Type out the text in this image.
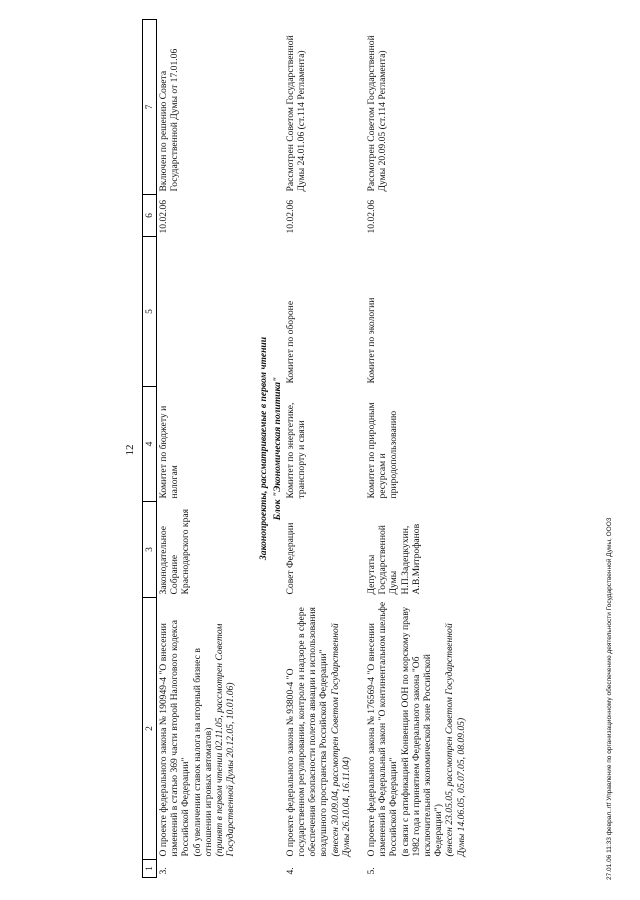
12
1	2	3	4	5	6	7
3.	О проекте федерального закона № 190949-4 "О внесении изменений в статью 369 части второй Налогового кодекса Российской Федерации" (об увеличении ставок налога на игорный бизнес в отношении игровых автоматов) (принят в первом чтении 02.11.05, рассмотрен Советом Государственной Думы 20.12.05, 10.01.06)	Законодательное Собрание Краснодарского края	Комитет по бюджету и налогам		10.02.06	Включен по решению Совета Государственной Думы от 17.01.06

Законопроекты, рассматриваемые в первом чтении						
Блок "Экономическая политика"						
4.	О проекте федерального закона № 93800-4 "О государственном регулировании, контроле и надзоре в сфере обеспечения безопасности полетов авиации и использования воздушного пространства Российской Федерации" (внесен 30.09.04, рассмотрен Советом Государственной Думы 26.10.04, 16.11.04)	Совет Федерации	Комитет по энергетике, транспорту и связи	Комитет по обороне	10.02.06	Рассмотрен Советом Государственной Думы 24.01.06 (ст.114 Регламента)

5.	О проекте федерального закона № 176569-4 "О внесении изменений в Федеральный закон "О континентальном шельфе Российской Федерации" (в связи с ратификацией Конвенции ООН по морскому праву 1982 года и принятием Федерального закона "Об исключительной экономической зоне Российской Федерации") (внесен 23.05.05, рассмотрен Советом Государственной Думы 14.06.05, 05.07.05, 08.09.05)	Депутаты Государственной Думы Н.П.Задецкухин, А.В.Митрофанов	Комитет по природным ресурсам и природопользованию	Комитет по экологии	10.02.06	Рассмотрен Советом Государственной Думы 20.09.05 (ст.114 Регламента)
27.01.06 11:33 феврал..rtf Управление по организационному обеспечению деятельности Государственной Думы, ООО3
